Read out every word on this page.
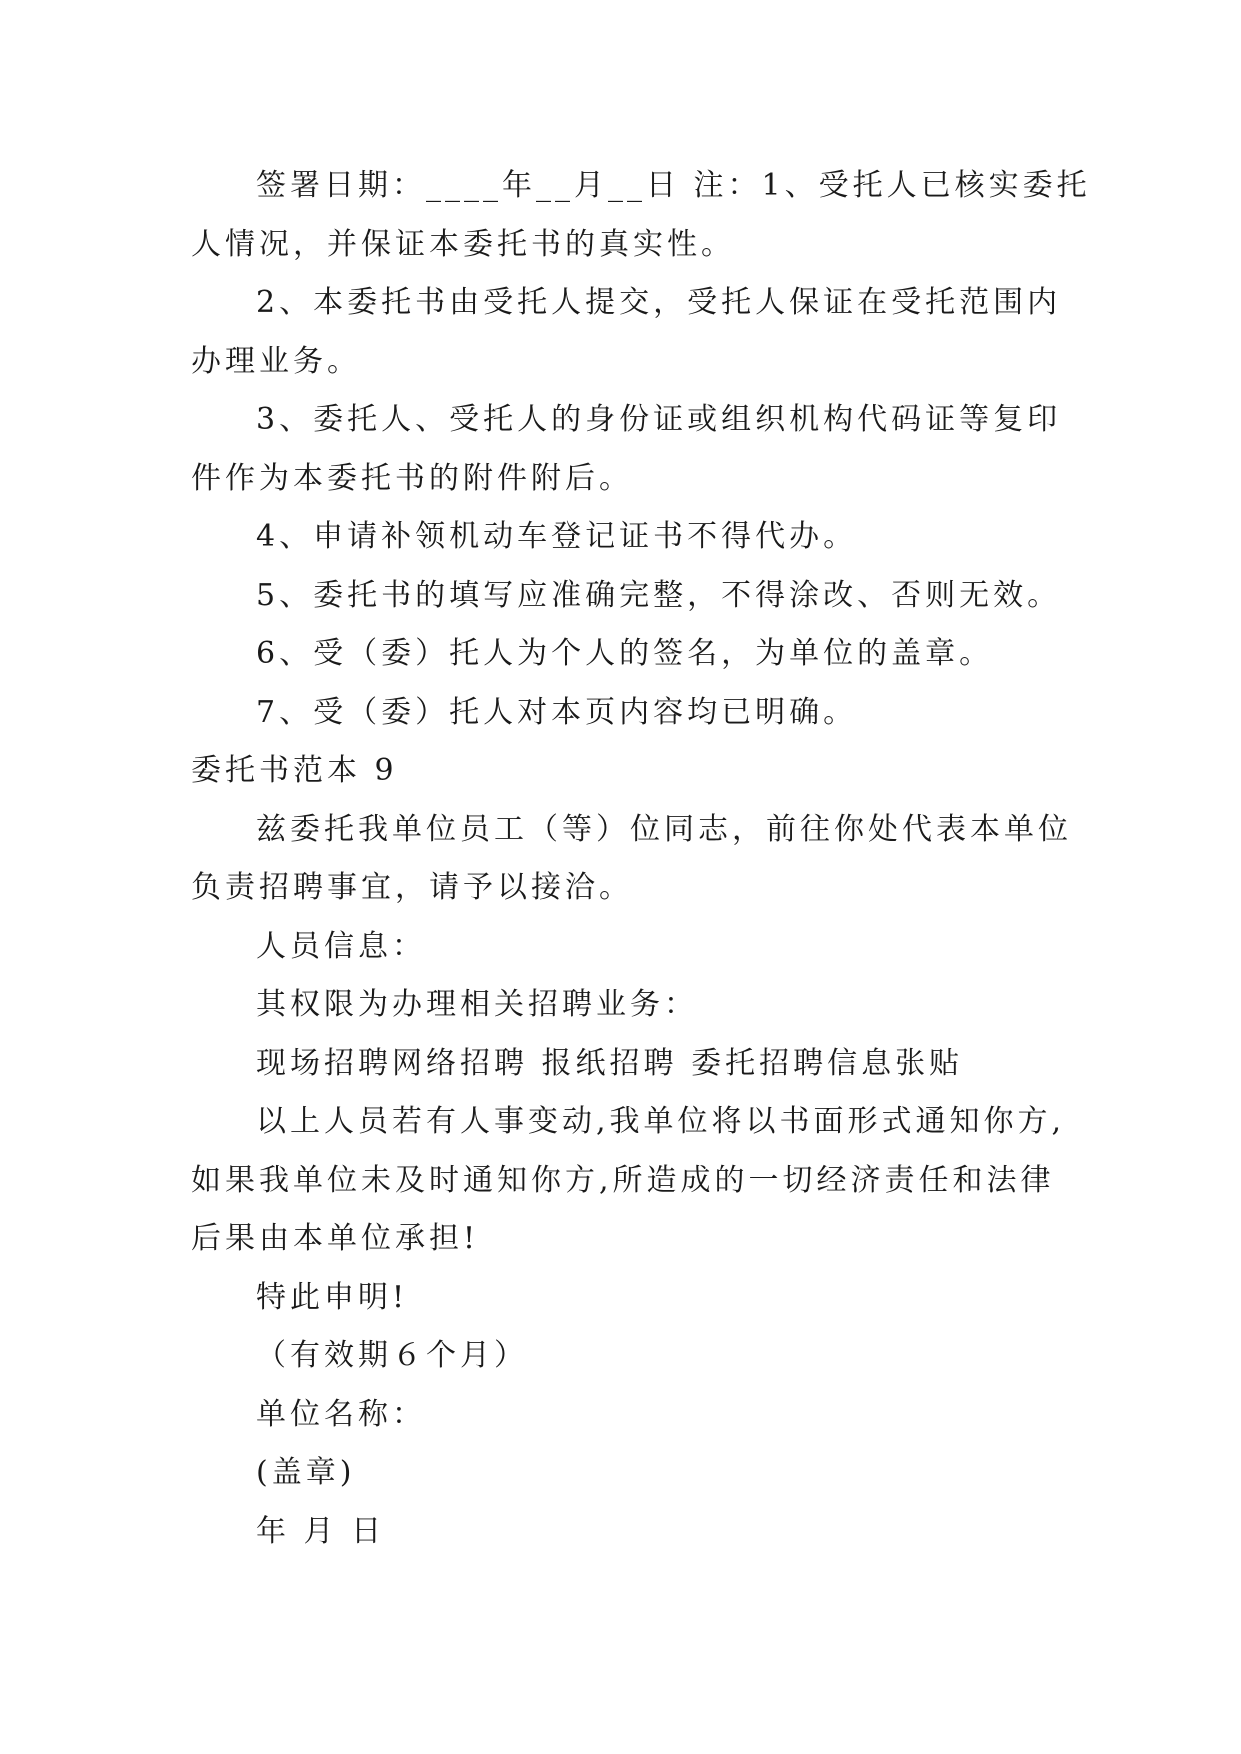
签署日期：____年__月__日 注：1、受托人已核实委托

人情况，并保证本委托书的真实性。

2、本委托书由受托人提交，受托人保证在受托范围内

办理业务。

3、委托人、受托人的身份证或组织机构代码证等复印

件作为本委托书的附件附后。

4、申请补领机动车登记证书不得代办。

5、委托书的填写应准确完整，不得涂改、否则无效。

6、受（委）托人为个人的签名，为单位的盖章。

7、受（委）托人对本页内容均已明确。

委托书范本 9

兹委托我单位员工（等）位同志，前往你处代表本单位

负责招聘事宜，请予以接洽。

人员信息：

其权限为办理相关招聘业务：

现场招聘网络招聘 报纸招聘 委托招聘信息张贴

以上人员若有人事变动,我单位将以书面形式通知你方,

如果我单位未及时通知你方,所造成的一切经济责任和法律

后果由本单位承担!

特此申明!

（有效期６个月）

单位名称：

(盖章)

年 月 日
